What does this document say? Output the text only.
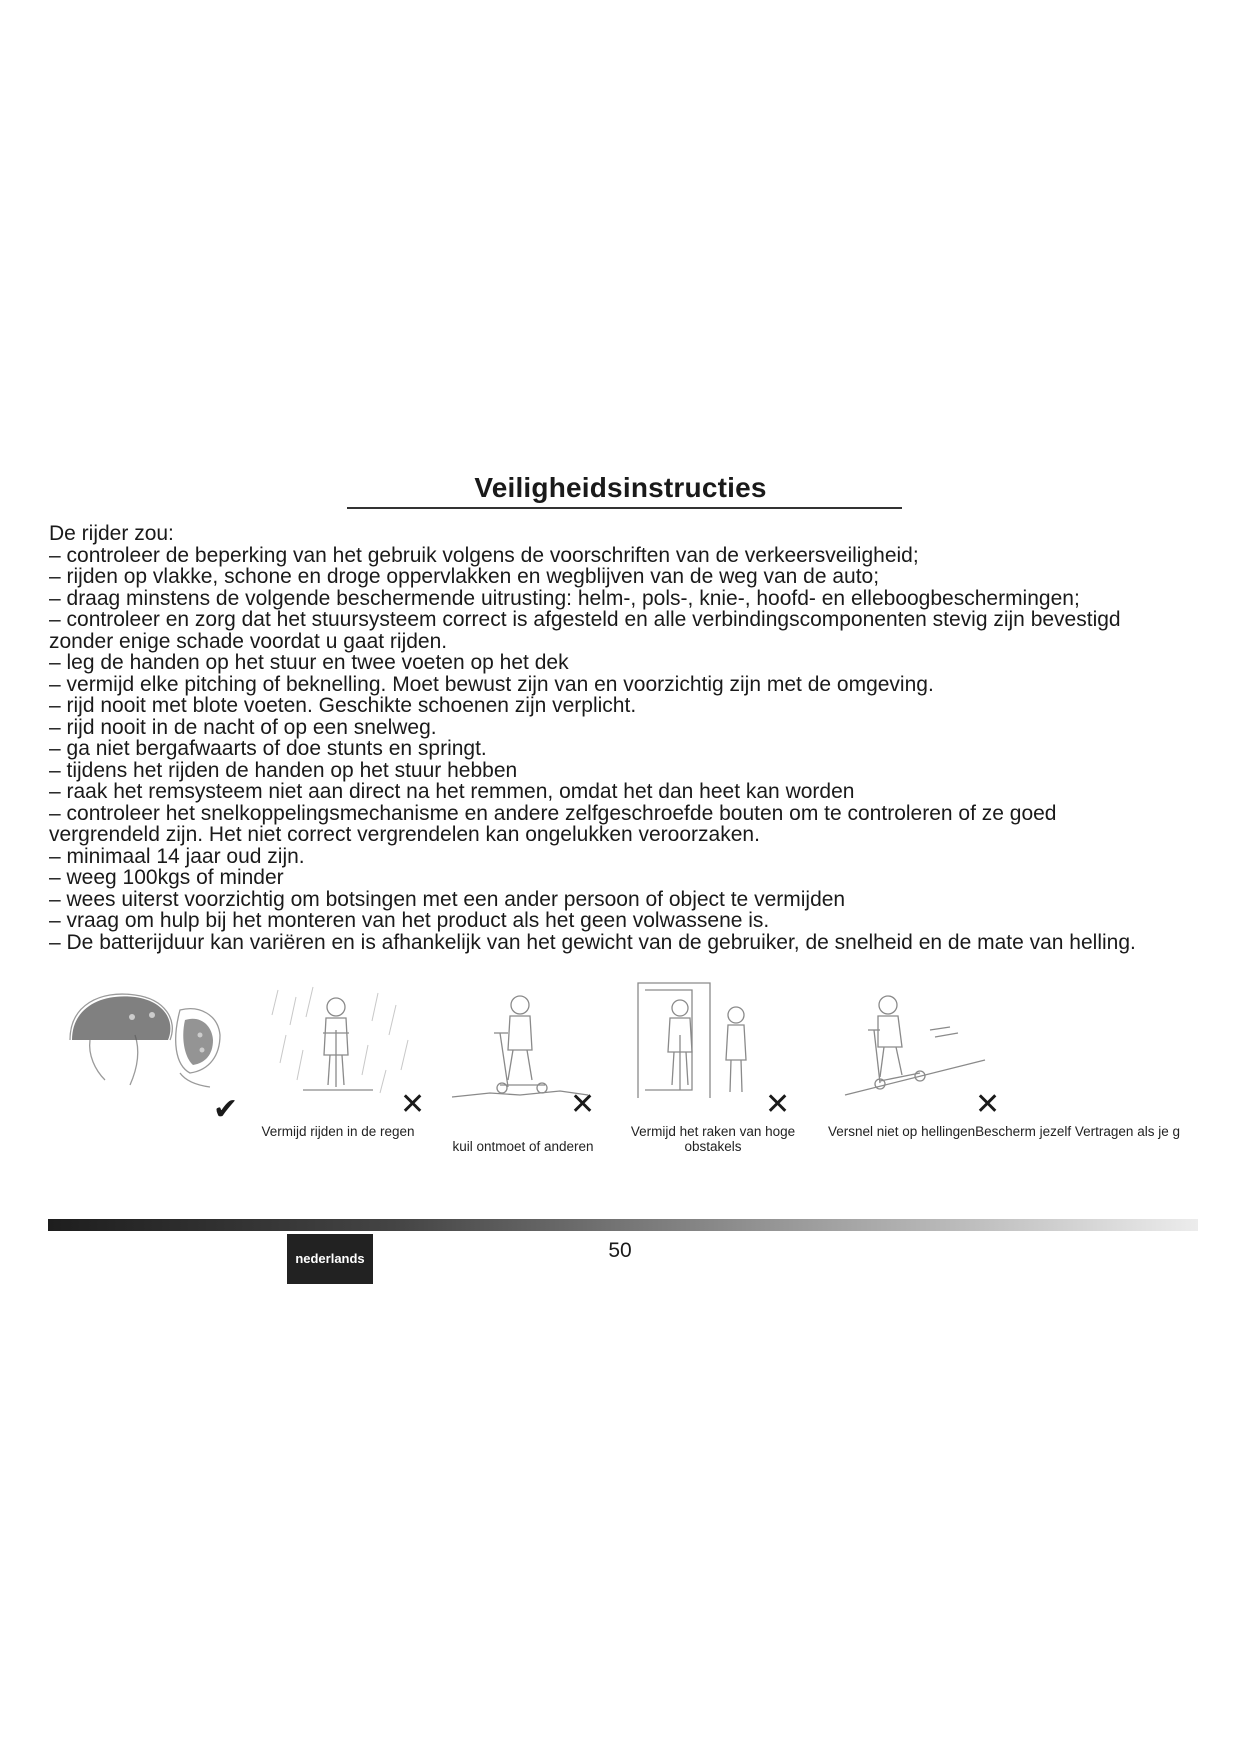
Veiligheidsinstructies
De rijder zou:
– controleer de beperking van het gebruik volgens de voorschriften van de verkeersveiligheid;
– rijden op vlakke, schone en droge oppervlakken en wegblijven van de weg van de auto;
– draag minstens de volgende beschermende uitrusting: helm-, pols-, knie-, hoofd- en elleboogbeschermingen;
– controleer en zorg dat het stuursysteem correct is afgesteld en alle verbindingscomponenten stevig zijn bevestigd
zonder enige schade voordat u gaat rijden.
– leg de handen op het stuur en twee voeten op het dek
– vermijd elke pitching of beknelling. Moet bewust zijn van en voorzichtig zijn met de omgeving.
– rijd nooit met blote voeten. Geschikte schoenen zijn verplicht.
– rijd nooit in de nacht of op een snelweg.
– ga niet bergafwaarts of doe stunts en springt.
– tijdens het rijden de handen op het stuur hebben
– raak het remsysteem niet aan direct na het remmen, omdat het dan heet kan worden
– controleer het snelkoppelingsmechanisme en andere zelfgeschroefde bouten om te controleren of ze goed
vergrendeld zijn. Het niet correct vergrendelen kan ongelukken veroorzaken.
– minimaal 14 jaar oud zijn.
– weeg 100kgs of minder
– wees uiterst voorzichtig om botsingen met een ander persoon of object te vermijden
– vraag om hulp bij het monteren van het product als het geen volwassene is.
– De batterijduur kan variëren en is afhankelijk van het gewicht van de gebruiker, de snelheid en de mate van helling.
✔	✕
Vermijd rijden in de regen
✕
kuil ontmoet of anderen
✕
Vermijd het raken van hoge
obstakels
✕
Versnel niet op hellingenBescherm jezelf Vertragen als je g
nederlands	50
